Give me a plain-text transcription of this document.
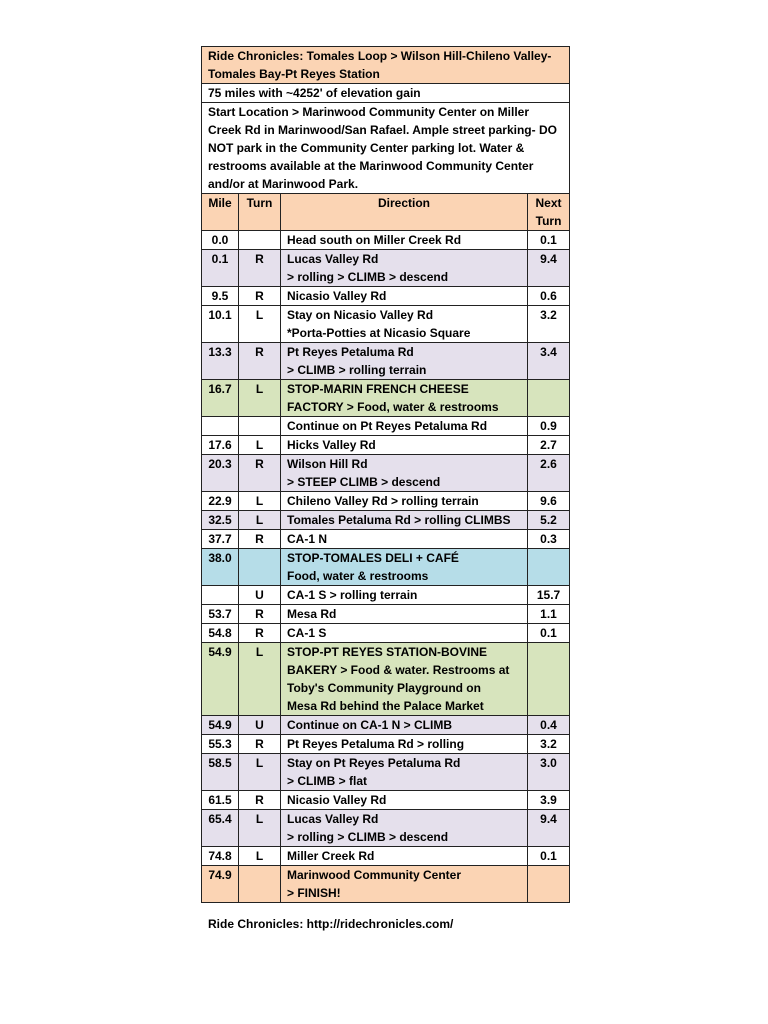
Ride Chronicles: Tomales Loop > Wilson Hill-Chileno Valley-Tomales Bay-Pt Reyes Station			
75 miles with ~4252' of elevation gain			
Start Location > Marinwood Community Center on Miller Creek Rd in Marinwood/San Rafael. Ample street parking- DO NOT park in the Community Center parking lot. Water & restrooms available at the Marinwood Community Center and/or at Marinwood Park.			
Mile	Turn	Direction	Next
Turn
0.0		Head south on Miller Creek Rd	0.1
0.1	R	Lucas Valley Rd
> rolling > CLIMB > descend	9.4
9.5	R	Nicasio Valley Rd	0.6
10.1	L	Stay on Nicasio Valley Rd
*Porta-Potties at Nicasio Square	3.2
13.3	R	Pt Reyes Petaluma Rd
> CLIMB > rolling terrain	3.4
16.7	L	STOP-MARIN FRENCH CHEESE
FACTORY > Food, water & restrooms	
		Continue on Pt Reyes Petaluma Rd	0.9
17.6	L	Hicks Valley Rd	2.7
20.3	R	Wilson Hill Rd
> STEEP CLIMB > descend	2.6
22.9	L	Chileno Valley Rd > rolling terrain	9.6
32.5	L	Tomales Petaluma Rd > rolling CLIMBS	5.2
37.7	R	CA-1 N	0.3
38.0		STOP-TOMALES DELI + CAFÉ
Food, water & restrooms	
	U	CA-1 S > rolling terrain	15.7
53.7	R	Mesa Rd	1.1
54.8	R	CA-1 S	0.1
54.9	L	STOP-PT REYES STATION-BOVINE
BAKERY > Food & water. Restrooms at
Toby's Community Playground on
Mesa Rd behind the Palace Market	
54.9	U	Continue on CA-1 N > CLIMB	0.4
55.3	R	Pt Reyes Petaluma Rd > rolling	3.2
58.5	L	Stay on Pt Reyes Petaluma Rd
> CLIMB > flat	3.0
61.5	R	Nicasio Valley Rd	3.9
65.4	L	Lucas Valley Rd
> rolling > CLIMB > descend	9.4
74.8	L	Miller Creek Rd	0.1
74.9		Marinwood Community Center
> FINISH!	
Ride Chronicles: http://ridechronicles.com/
